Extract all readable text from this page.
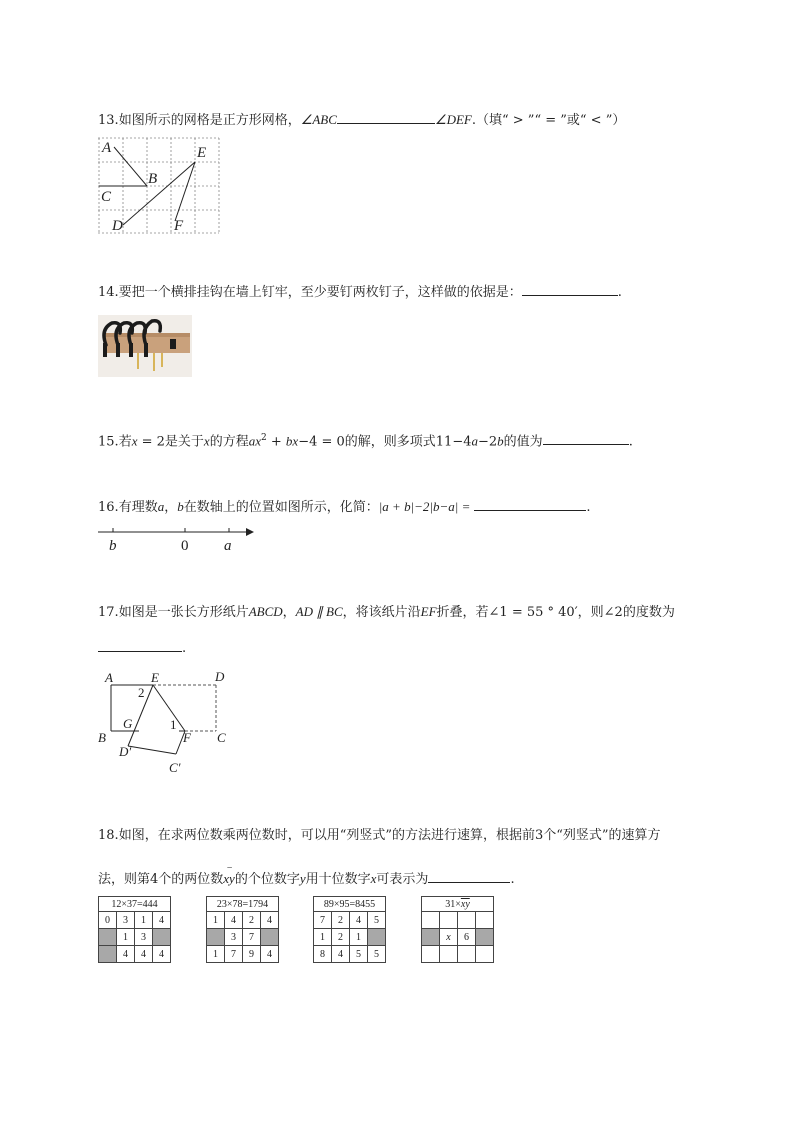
13.如图所示的网格是正方形网格，∠ABC	∠DEF.（填“ > ”“ = ”或“ < ”）
A
B
C
D
E
F
14.要把一个横排挂钩在墙上钉牢，至少要钉两枚钉子，这样做的依据是：	.
15.若x = 2是关于x的方程$ax^2 + bx-4 = 0$的解，则多项式11−4a−2b的值为	.
16.有理数a，b在数轴上的位置如图所示，化简：|a + b|−2|b−a| =	.
b	0 a
17.如图是一张长方形纸片ABCD，AD ∥ BC，将该纸片沿EF折叠，若∠1 = 55 ° 40′，则∠2的度数为
.
A	E	D
2
G	1
B	F C
D′
C′
18.如图，在求两位数乘两位数时，可以用“列竖式”的方法进行速算，根据前3个“列竖式”的速算方
法，则第4个的两位数
−
xy的个位数字y用十位数字x可表示为	.
12×37=444			
0	3	1	4
	1	3	
	4	4	4
23×78=1794			
1	4	2	4
	3	7	
1	7	9	4
89×95=8455			
7	2	4	5
1	2	1	
8	4	5	5
$31\times\overline{xy}$

	x	6	
